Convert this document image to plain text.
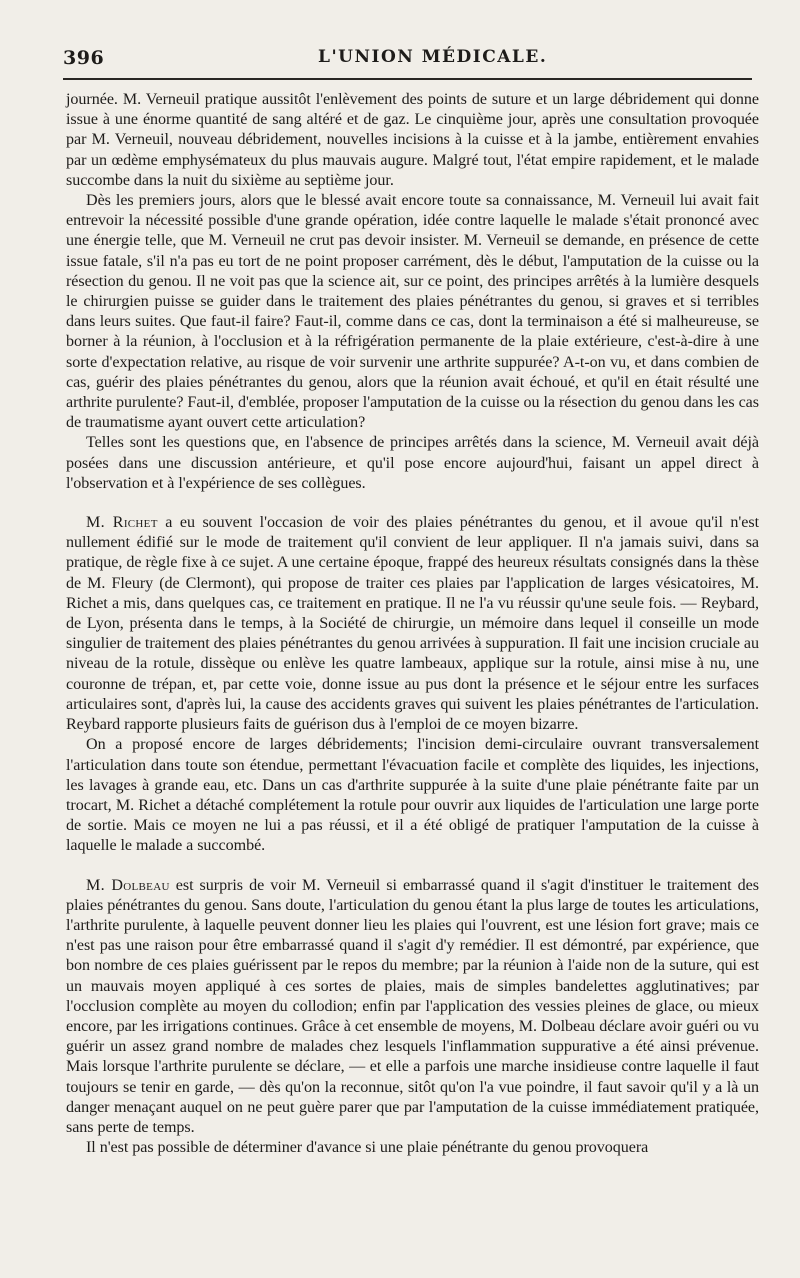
396	L'UNION MÉDICALE.

journée. M. Verneuil pratique aussitôt l'enlèvement des points de suture et un large débridement qui donne issue à une énorme quantité de sang altéré et de gaz. Le cinquième jour, après une consultation provoquée par M. Verneuil, nouveau débridement, nouvelles incisions à la cuisse et à la jambe, entièrement envahies par un œdème emphysémateux du plus mauvais augure. Malgré tout, l'état empire rapidement, et le malade succombe dans la nuit du sixième au septième jour.

Dès les premiers jours, alors que le blessé avait encore toute sa connaissance, M. Verneuil lui avait fait entrevoir la nécessité possible d'une grande opération, idée contre laquelle le malade s'était prononcé avec une énergie telle, que M. Verneuil ne crut pas devoir insister. M. Verneuil se demande, en présence de cette issue fatale, s'il n'a pas eu tort de ne point proposer carrément, dès le début, l'amputation de la cuisse ou la résection du genou. Il ne voit pas que la science ait, sur ce point, des principes arrêtés à la lumière desquels le chirurgien puisse se guider dans le traitement des plaies pénétrantes du genou, si graves et si terribles dans leurs suites. Que faut-il faire? Faut-il, comme dans ce cas, dont la terminaison a été si malheureuse, se borner à la réunion, à l'occlusion et à la réfrigération permanente de la plaie extérieure, c'est-à-dire à une sorte d'expectation relative, au risque de voir survenir une arthrite suppurée? A-t-on vu, et dans combien de cas, guérir des plaies pénétrantes du genou, alors que la réunion avait échoué, et qu'il en était résulté une arthrite purulente? Faut-il, d'emblée, proposer l'amputation de la cuisse ou la résection du genou dans les cas de traumatisme ayant ouvert cette articulation?

Telles sont les questions que, en l'absence de principes arrêtés dans la science, M. Verneuil avait déjà posées dans une discussion antérieure, et qu'il pose encore aujourd'hui, faisant un appel direct à l'observation et à l'expérience de ses collègues.

M. Richet a eu souvent l'occasion de voir des plaies pénétrantes du genou, et il avoue qu'il n'est nullement édifié sur le mode de traitement qu'il convient de leur appliquer. Il n'a jamais suivi, dans sa pratique, de règle fixe à ce sujet. A une certaine époque, frappé des heureux résultats consignés dans la thèse de M. Fleury (de Clermont), qui propose de traiter ces plaies par l'application de larges vésicatoires, M. Richet a mis, dans quelques cas, ce traitement en pratique. Il ne l'a vu réussir qu'une seule fois. — Reybard, de Lyon, présenta dans le temps, à la Société de chirurgie, un mémoire dans lequel il conseille un mode singulier de traitement des plaies pénétrantes du genou arrivées à suppuration. Il fait une incision cruciale au niveau de la rotule, dissèque ou enlève les quatre lambeaux, applique sur la rotule, ainsi mise à nu, une couronne de trépan, et, par cette voie, donne issue au pus dont la présence et le séjour entre les surfaces articulaires sont, d'après lui, la cause des accidents graves qui suivent les plaies pénétrantes de l'articulation. Reybard rapporte plusieurs faits de guérison dus à l'emploi de ce moyen bizarre.

On a proposé encore de larges débridements; l'incision demi-circulaire ouvrant transversalement l'articulation dans toute son étendue, permettant l'évacuation facile et complète des liquides, les injections, les lavages à grande eau, etc. Dans un cas d'arthrite suppurée à la suite d'une plaie pénétrante faite par un trocart, M. Richet a détaché complétement la rotule pour ouvrir aux liquides de l'articulation une large porte de sortie. Mais ce moyen ne lui a pas réussi, et il a été obligé de pratiquer l'amputation de la cuisse à laquelle le malade a succombé.

M. Dolbeau est surpris de voir M. Verneuil si embarrassé quand il s'agit d'instituer le traitement des plaies pénétrantes du genou. Sans doute, l'articulation du genou étant la plus large de toutes les articulations, l'arthrite purulente, à laquelle peuvent donner lieu les plaies qui l'ouvrent, est une lésion fort grave; mais ce n'est pas une raison pour être embarrassé quand il s'agit d'y remédier. Il est démontré, par expérience, que bon nombre de ces plaies guérissent par le repos du membre; par la réunion à l'aide non de la suture, qui est un mauvais moyen appliqué à ces sortes de plaies, mais de simples bandelettes agglutinatives; par l'occlusion complète au moyen du collodion; enfin par l'application des vessies pleines de glace, ou mieux encore, par les irrigations continues. Grâce à cet ensemble de moyens, M. Dolbeau déclare avoir guéri ou vu guérir un assez grand nombre de malades chez lesquels l'inflammation suppurative a été ainsi prévenue. Mais lorsque l'arthrite purulente se déclare, — et elle a parfois une marche insidieuse contre laquelle il faut toujours se tenir en garde, — dès qu'on la reconnue, sitôt qu'on l'a vue poindre, il faut savoir qu'il y a là un danger menaçant auquel on ne peut guère parer que par l'amputation de la cuisse immédiatement pratiquée, sans perte de temps.

Il n'est pas possible de déterminer d'avance si une plaie pénétrante du genou provoquera
